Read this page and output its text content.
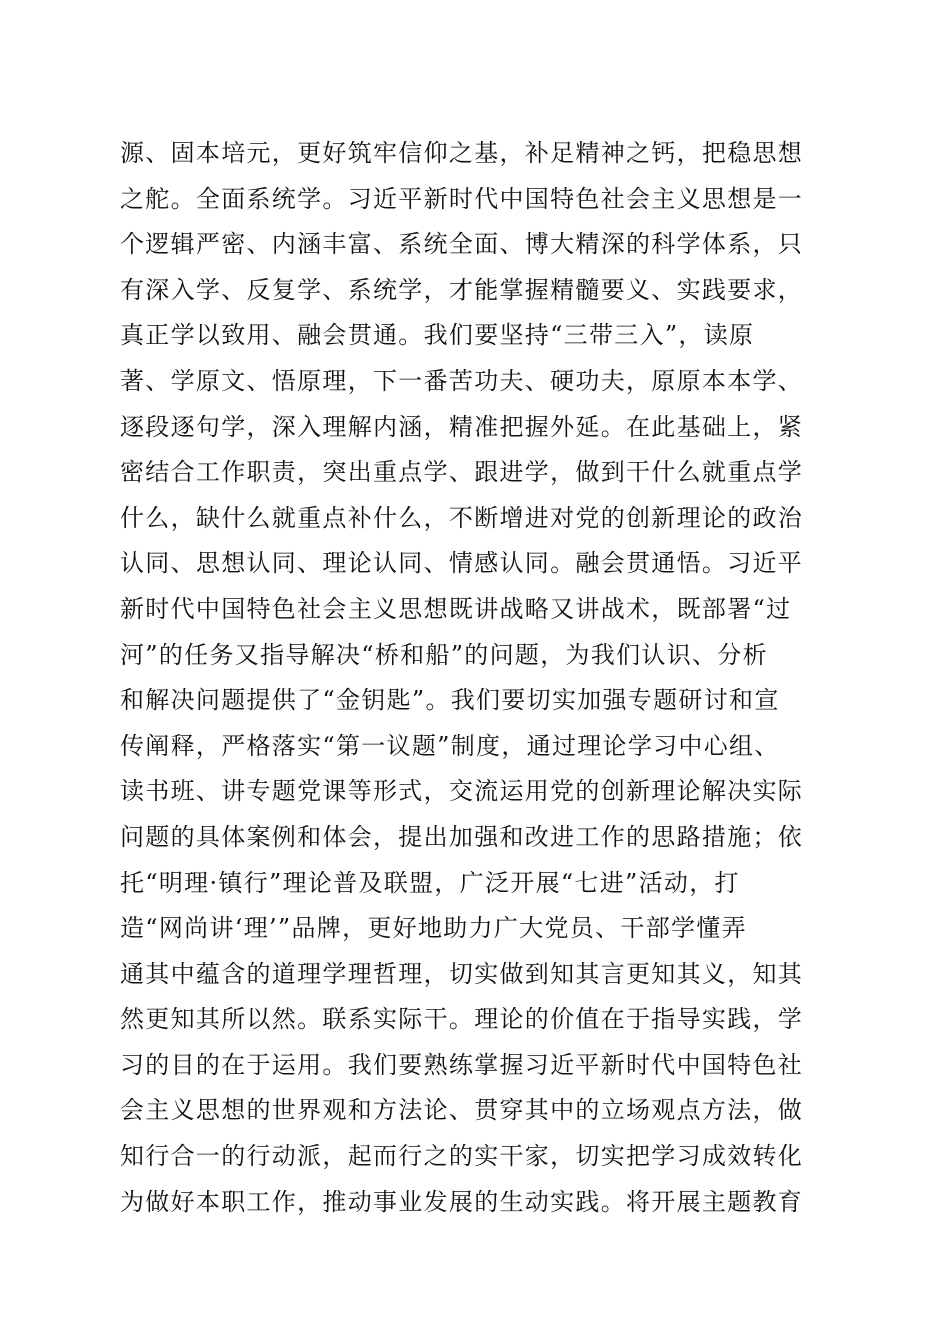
源、固本培元，更好筑牢信仰之基，补足精神之钙，把稳思想
之舵。全面系统学。习近平新时代中国特色社会主义思想是一
个逻辑严密、内涵丰富、系统全面、博大精深的科学体系，只
有深入学、反复学、系统学，才能掌握精髓要义、实践要求，
真正学以致用、融会贯通。我们要坚持“三带三入”，读原
著、学原文、悟原理，下一番苦功夫、硬功夫，原原本本学、
逐段逐句学，深入理解内涵，精准把握外延。在此基础上，紧
密结合工作职责，突出重点学、跟进学，做到干什么就重点学
什么，缺什么就重点补什么，不断增进对党的创新理论的政治
认同、思想认同、理论认同、情感认同。融会贯通悟。习近平
新时代中国特色社会主义思想既讲战略又讲战术，既部署“过
河”的任务又指导解决“桥和船”的问题，为我们认识、分析
和解决问题提供了“金钥匙”。我们要切实加强专题研讨和宣
传阐释，严格落实“第一议题”制度，通过理论学习中心组、
读书班、讲专题党课等形式，交流运用党的创新理论解决实际
问题的具体案例和体会，提出加强和改进工作的思路措施；依
托“明理·镇行”理论普及联盟，广泛开展“七进”活动，打
造“网尚讲‘理’”品牌，更好地助力广大党员、干部学懂弄
通其中蕴含的道理学理哲理，切实做到知其言更知其义，知其
然更知其所以然。联系实际干。理论的价值在于指导实践，学
习的目的在于运用。我们要熟练掌握习近平新时代中国特色社
会主义思想的世界观和方法论、贯穿其中的立场观点方法，做
知行合一的行动派，起而行之的实干家，切实把学习成效转化
为做好本职工作，推动事业发展的生动实践。将开展主题教育
